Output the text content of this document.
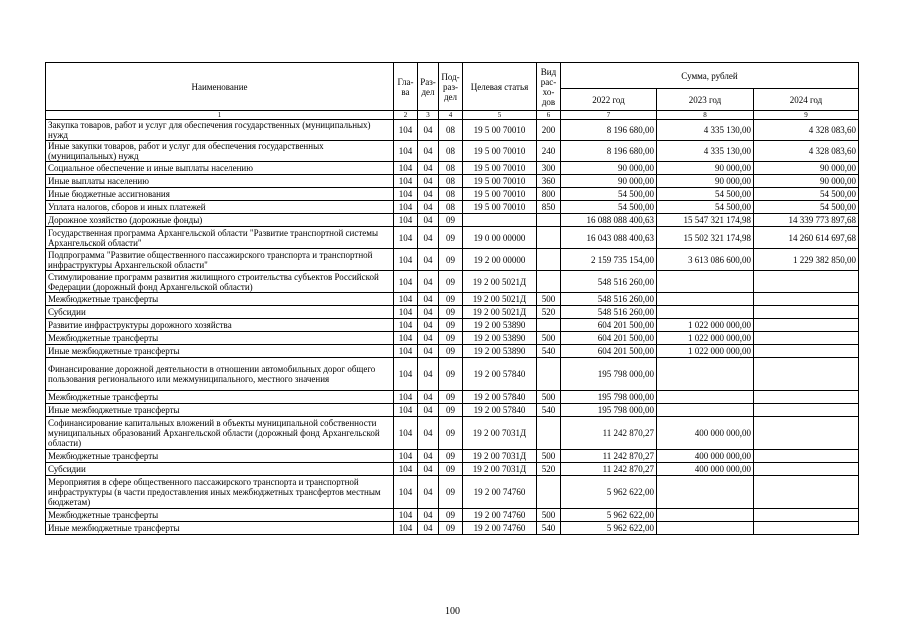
Наименование	Гла-ва	Раз-дел	Под-раз-дел	Целевая статья	Вид рас-хо-дов	Сумма, рублей		
						2022 год	2023 год	2024 год
1	2	3	4	5	6	7	8	9
Закупка товаров, работ и услуг для обеспечения государственных (муниципальных) нужд	104	04	08	19 5 00 70010	200	8 196 680,00	4 335 130,00	4 328 083,60
Иные закупки товаров, работ и услуг для обеспечения государственных (муниципальных) нужд	104	04	08	19 5 00 70010	240	8 196 680,00	4 335 130,00	4 328 083,60
Социальное обеспечение и иные выплаты населению	104	04	08	19 5 00 70010	300	90 000,00	90 000,00	90 000,00
Иные выплаты населению	104	04	08	19 5 00 70010	360	90 000,00	90 000,00	90 000,00
Иные бюджетные ассигнования	104	04	08	19 5 00 70010	800	54 500,00	54 500,00	54 500,00
Уплата налогов, сборов и иных платежей	104	04	08	19 5 00 70010	850	54 500,00	54 500,00	54 500,00
Дорожное хозяйство (дорожные фонды)	104	04	09			16 088 088 400,63	15 547 321 174,98	14 339 773 897,68
Государственная программа Архангельской области "Развитие транспортной системы Архангельской области"	104	04	09	19 0 00 00000		16 043 088 400,63	15 502 321 174,98	14 260 614 697,68
Подпрограмма "Развитие общественного пассажирского транспорта и транспортной инфраструктуры Архангельской области"	104	04	09	19 2 00 00000		2 159 735 154,00	3 613 086 600,00	1 229 382 850,00
Стимулирование программ развития жилищного строительства субъектов Российской Федерации (дорожный фонд Архангельской области)	104	04	09	19 2 00 5021Д		548 516 260,00		
Межбюджетные трансферты	104	04	09	19 2 00 5021Д	500	548 516 260,00		
Субсидии	104	04	09	19 2 00 5021Д	520	548 516 260,00		
Развитие инфраструктуры дорожного хозяйства	104	04	09	19 2 00 53890		604 201 500,00	1 022 000 000,00	
Межбюджетные трансферты	104	04	09	19 2 00 53890	500	604 201 500,00	1 022 000 000,00	
Иные межбюджетные трансферты	104	04	09	19 2 00 53890	540	604 201 500,00	1 022 000 000,00	
Финансирование дорожной деятельности в отношении автомобильных дорог общего пользования регионального или межмуниципального, местного значения	104	04	09	19 2 00 57840		195 798 000,00		
Межбюджетные трансферты	104	04	09	19 2 00 57840	500	195 798 000,00		
Иные межбюджетные трансферты	104	04	09	19 2 00 57840	540	195 798 000,00		
Софинансирование капитальных вложений в объекты муниципальной собственности муниципальных образований Архангельской области (дорожный фонд Архангельской области)	104	04	09	19 2 00 7031Д		11 242 870,27	400 000 000,00	
Межбюджетные трансферты	104	04	09	19 2 00 7031Д	500	11 242 870,27	400 000 000,00	
Субсидии	104	04	09	19 2 00 7031Д	520	11 242 870,27	400 000 000,00	
Мероприятия в сфере общественного пассажирского транспорта и транспортной инфраструктуры (в части предоставления иных межбюджетных трансфертов местным бюджетам)	104	04	09	19 2 00 74760		5 962 622,00		
Межбюджетные трансферты	104	04	09	19 2 00 74760	500	5 962 622,00		
Иные межбюджетные трансферты	104	04	09	19 2 00 74760	540	5 962 622,00		
100
